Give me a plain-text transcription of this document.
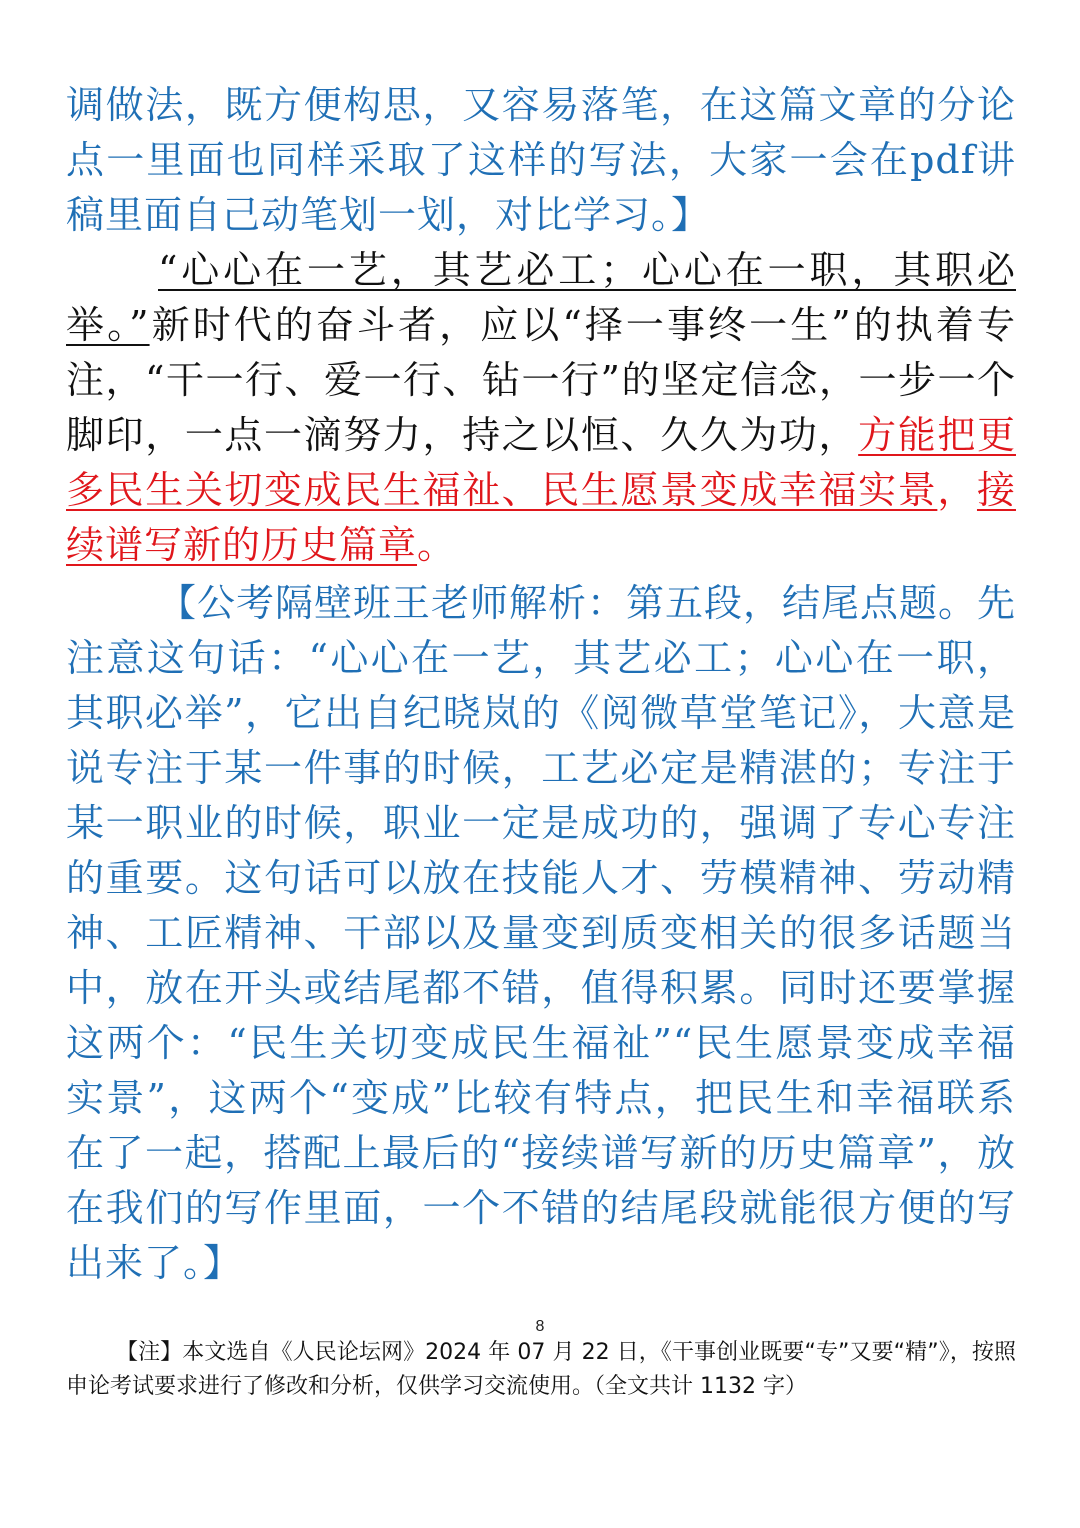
调做法，既方便构思，又容易落笔，在这篇文章的分论点一里面也同样采取了这样的写法，大家一会在pdf讲稿里面自己动笔划一划，对比学习。】

“心心在一艺，其艺必工；心心在一职，其职必举。”新时代的奋斗者，应以“择一事终一生”的执着专注，“干一行、爱一行、钻一行”的坚定信念，一步一个脚印，一点一滴努力，持之以恒、久久为功，方能把更多民生关切变成民生福祉、民生愿景变成幸福实景，接续谱写新的历史篇章。

【公考隔壁班王老师解析：第五段，结尾点题。先注意这句话：“心心在一艺，其艺必工；心心在一职，其职必举”，它出自纪晓岚的《阅微草堂笔记》，大意是说专注于某一件事的时候，工艺必定是精湛的；专注于某一职业的时候，职业一定是成功的，强调了专心专注的重要。这句话可以放在技能人才、劳模精神、劳动精神、工匠精神、干部以及量变到质变相关的很多话题当中，放在开头或结尾都不错，值得积累。同时还要掌握这两个：“民生关切变成民生福祉”“民生愿景变成幸福实景”，这两个“变成”比较有特点，把民生和幸福联系在了一起，搭配上最后的“接续谱写新的历史篇章”，放在我们的写作里面，一个不错的结尾段就能很方便的写出来了。】

8
【注】本文选自《人民论坛网》2024 年 07 月 22 日，《干事创业既要“专”又要“精”》，按照申论考试要求进行了修改和分析，仅供学习交流使用。（全文共计 1132 字）
